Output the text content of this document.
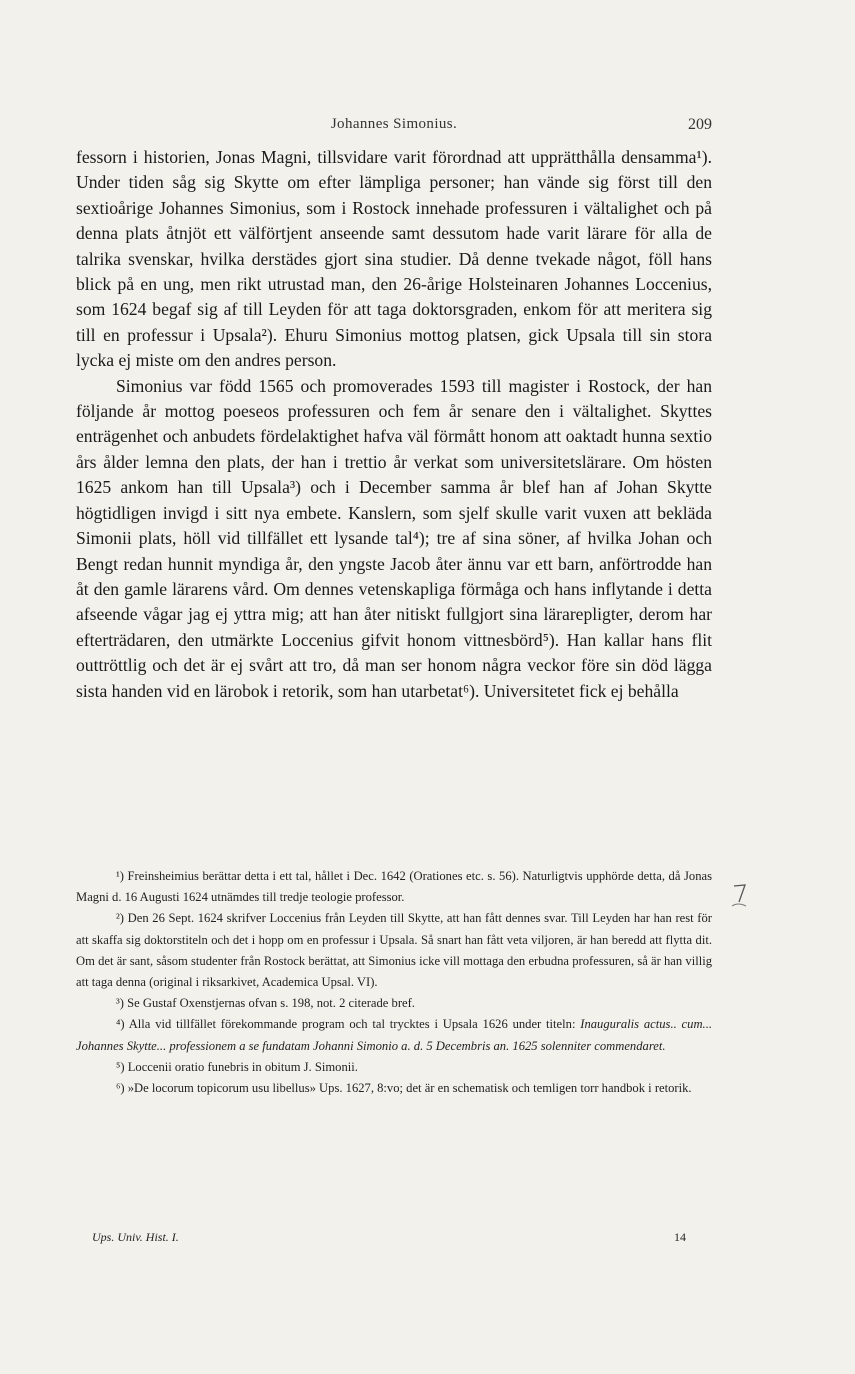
Johannes Simonius.	209

fessorn i historien, Jonas Magni, tillsvidare varit förordnad att upprätthålla densamma¹). Under tiden såg sig Skytte om efter lämpliga personer; han vände sig först till den sextioårige Johannes Simonius, som i Rostock innehade professuren i vältalighet och på denna plats åtnjöt ett välförtjent anseende samt dessutom hade varit lärare för alla de talrika svenskar, hvilka derstädes gjort sina studier. Då denne tvekade något, föll hans blick på en ung, men rikt utrustad man, den 26-årige Holsteinaren Johannes Loccenius, som 1624 begaf sig af till Leyden för att taga doktorsgraden, enkom för att meritera sig till en professur i Upsala²). Ehuru Simonius mottog platsen, gick Upsala till sin stora lycka ej miste om den andres person.

Simonius var född 1565 och promoverades 1593 till magister i Rostock, der han följande år mottog poeseos professuren och fem år senare den i vältalighet. Skyttes enträgenhet och anbudets fördelaktighet hafva väl förmått honom att oaktadt hunna sextio års ålder lemna den plats, der han i trettio år verkat som universitetslärare. Om hösten 1625 ankom han till Upsala³) och i December samma år blef han af Johan Skytte högtidligen invigd i sitt nya embete. Kanslern, som sjelf skulle varit vuxen att bekläda Simonii plats, höll vid tillfället ett lysande tal⁴); tre af sina söner, af hvilka Johan och Bengt redan hunnit myndiga år, den yngste Jacob åter ännu var ett barn, anförtrodde han åt den gamle lärarens vård. Om dennes vetenskapliga förmåga och hans inflytande i detta afseende vågar jag ej yttra mig; att han åter nitiskt fullgjort sina lärarepligter, derom har efterträdaren, den utmärkte Loccenius gifvit honom vittnesbörd⁵). Han kallar hans flit outtröttlig och det är ej svårt att tro, då man ser honom några veckor före sin död lägga sista handen vid en lärobok i retorik, som han utarbetat⁶). Universitetet fick ej behålla

¹) Freinsheimius berättar detta i ett tal, hållet i Dec. 1642 (Orationes etc. s. 56). Naturligtvis upphörde detta, då Jonas Magni d. 16 Augusti 1624 utnämdes till tredje teologie professor.

²) Den 26 Sept. 1624 skrifver Loccenius från Leyden till Skytte, att han fått dennes svar. Till Leyden har han rest för att skaffa sig doktorstiteln och det i hopp om en professur i Upsala. Så snart han fått veta viljoren, är han beredd att flytta dit. Om det är sant, såsom studenter från Rostock berättat, att Simonius icke vill mottaga den erbudna professuren, så är han villig att taga denna (original i riksarkivet, Academica Upsal. VI).

³) Se Gustaf Oxenstjernas ofvan s. 198, not. 2 citerade bref.

⁴) Alla vid tillfället förekommande program och tal trycktes i Upsala 1626 under titeln: Inauguralis actus.. cum... Johannes Skytte... professionem a se fundatam Johanni Simonio a. d. 5 Decembris an. 1625 solenniter commendaret.

⁵) Loccenii oratio funebris in obitum J. Simonii.

⁶) »De locorum topicorum usu libellus» Ups. 1627, 8:vo; det är en schematisk och temligen torr handbok i retorik.

Ups. Univ. Hist. I.	14
